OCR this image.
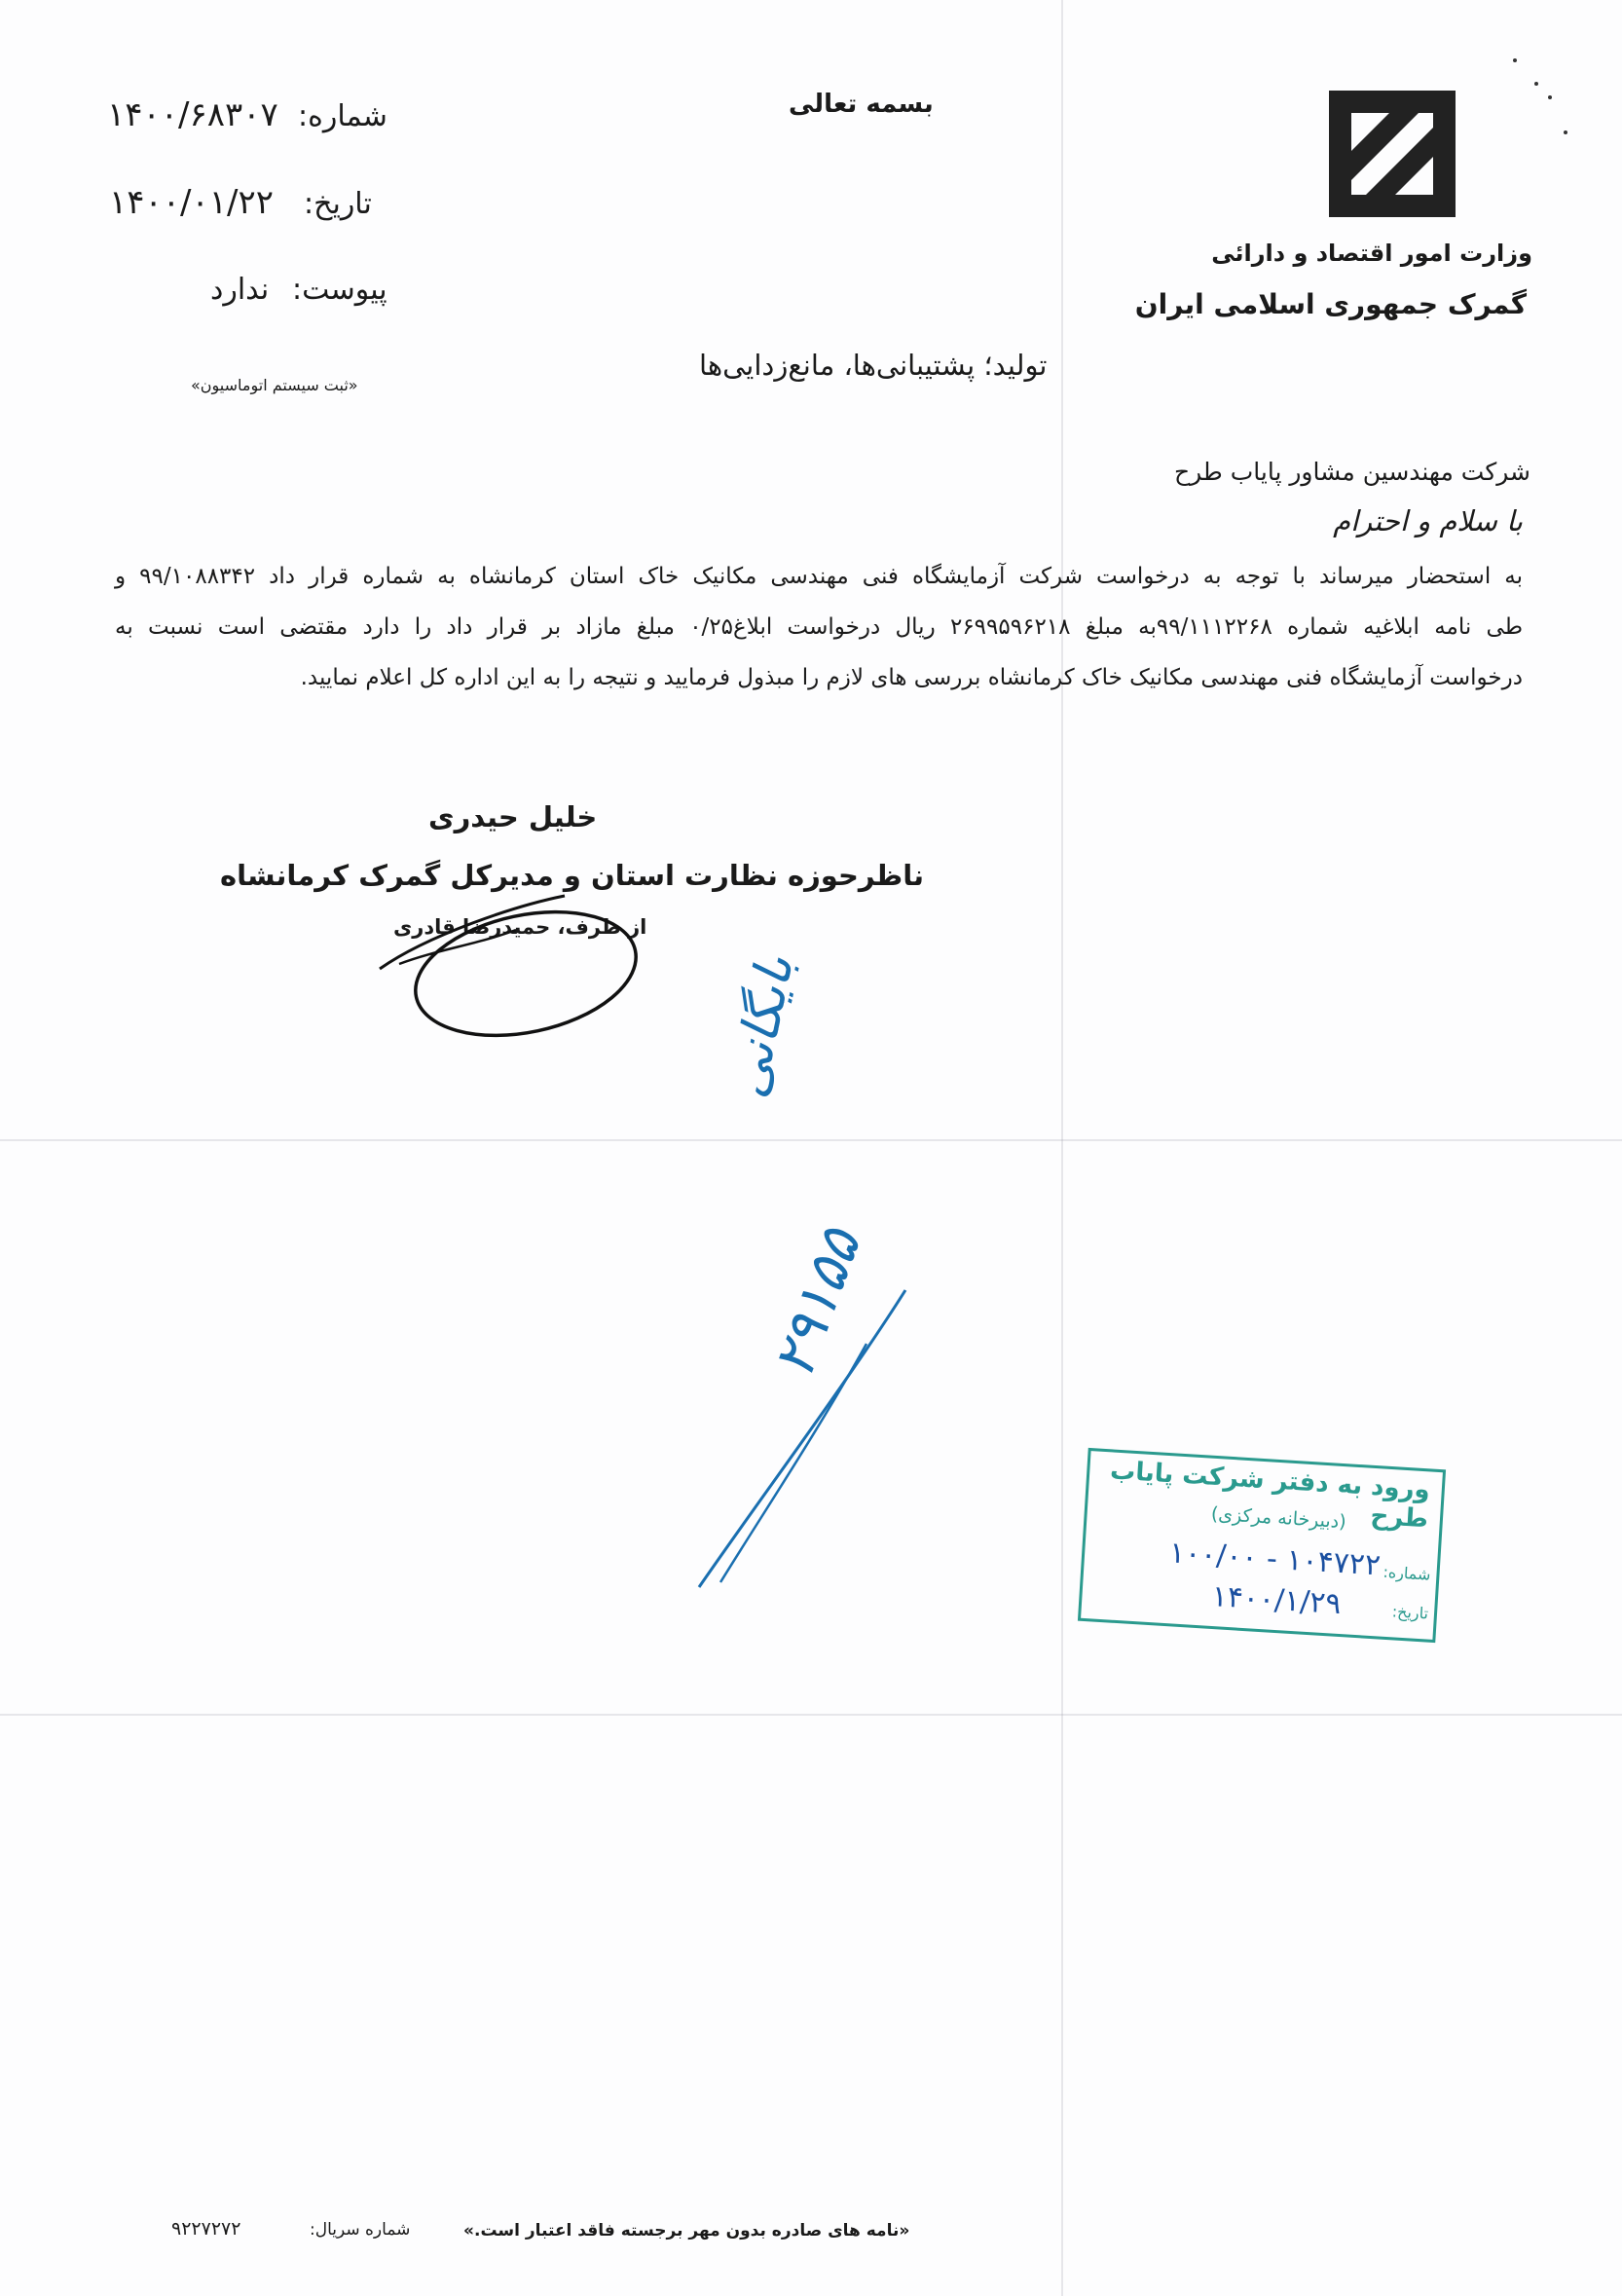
وزارت امور اقتصاد و دارائی
گمرک جمهوری اسلامی ایران
بسمه تعالی
شماره:
۱۴۰۰/۶۸۳۰۷
تاریخ:
۱۴۰۰/۰۱/۲۲
پیوست:
ندارد
«ثبت سیستم اتوماسیون»
تولید؛ پشتیبانی‌ها، مانع‌زدایی‌ها
شرکت مهندسین مشاور پایاب طرح
با سلام و احترام
به استحضار میرساند با توجه به درخواست شرکت آزمایشگاه فنی مهندسی مکانیک خاک استان کرمانشاه به شماره قرار داد ۹۹/۱۰۸۸۳۴۲ و
طی نامه ابلاغیه شماره ۹۹/۱۱۱۲۲۶۸به مبلغ ۲۶۹۹۵۹۶۲۱۸ ریال درخواست ابلاغ۰/۲۵ مبلغ مازاد بر قرار داد را دارد مقتضی است نسبت به
درخواست آزمایشگاه فنی مهندسی مکانیک خاک کرمانشاه بررسی های لازم را مبذول فرمایید و نتیجه را به این اداره کل اعلام نمایید.
خلیل حیدری
ناظرحوزه نظارت استان و مدیرکل گمرک کرمانشاه
از طرف، حمیدرضا قادری
بایگانی
۲۹۱۵۵
ورود به دفتر شرکت پایاب طرح
(دبیرخانه مرکزی)
شماره:
۱۰۰/۰۰ - ۱۰۴۷۲۲
تاریخ:
۱۴۰۰/۱/۲۹
«نامه های صادره بدون مهر برجسته فاقد اعتبار است.»
شماره سریال:
۹۲۲۷۲۷۲
